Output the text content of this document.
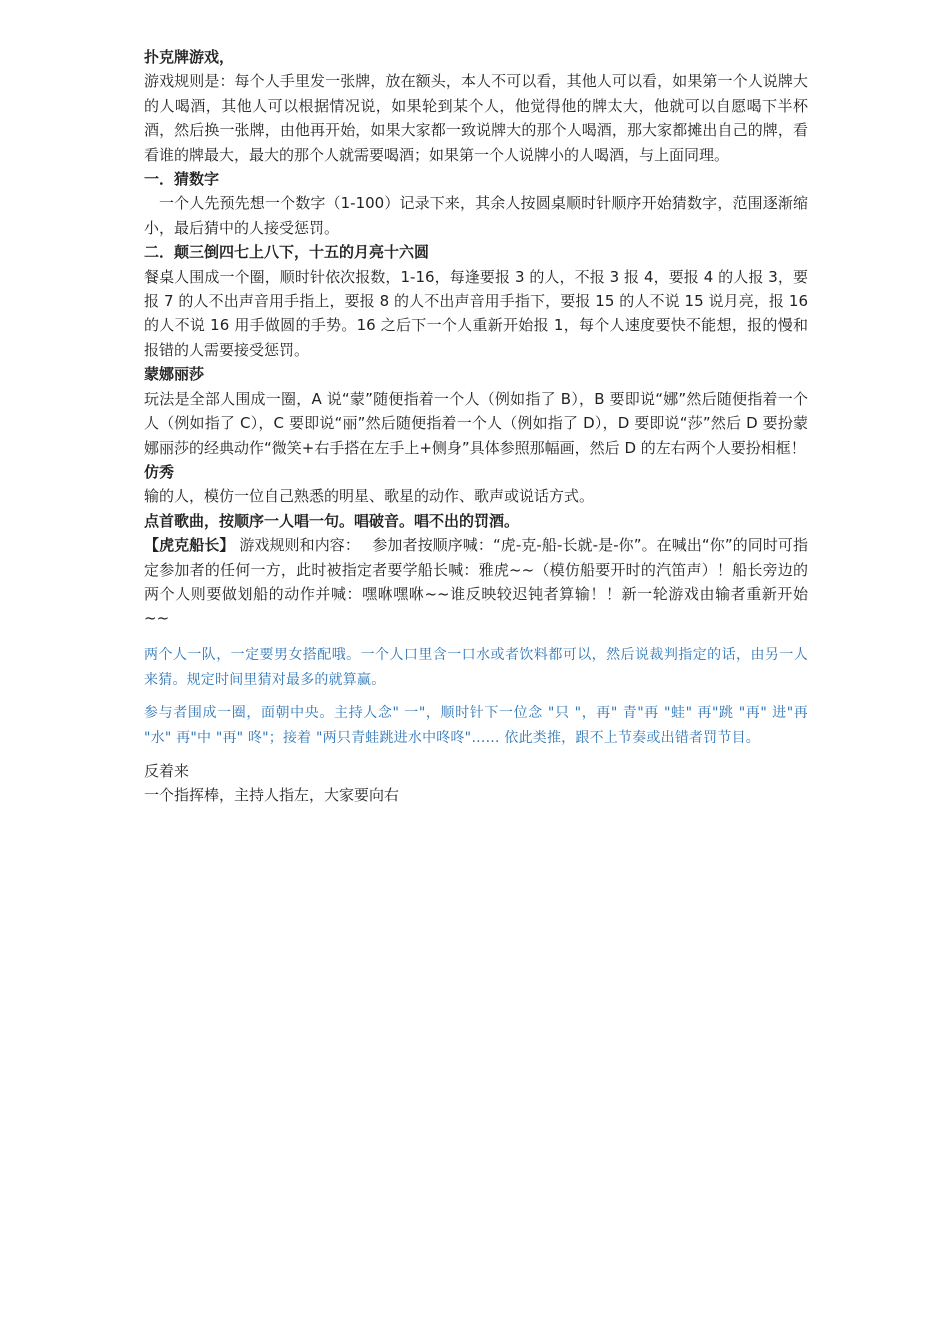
扑克牌游戏，

游戏规则是：每个人手里发一张牌，放在额头，本人不可以看，其他人可以看，如果第一个人说牌大的人喝酒，其他人可以根据情况说，如果轮到某个人，他觉得他的牌太大，他就可以自愿喝下半杯酒，然后换一张牌，由他再开始，如果大家都一致说牌大的那个人喝酒，那大家都摊出自己的牌，看看谁的牌最大，最大的那个人就需要喝酒；如果第一个人说牌小的人喝酒，与上面同理。

一．猜数字

一个人先预先想一个数字（1-100）记录下来，其余人按圆桌顺时针顺序开始猜数字，范围逐渐缩小，最后猜中的人接受惩罚。

二．颠三倒四七上八下，十五的月亮十六圆

餐桌人围成一个圈，顺时针依次报数，1-16，每逢要报 3 的人，不报 3 报 4，要报 4 的人报 3，要报 7 的人不出声音用手指上，要报 8 的人不出声音用手指下，要报 15 的人不说 15 说月亮，报 16 的人不说 16 用手做圆的手势。16 之后下一个人重新开始报 1，每个人速度要快不能想，报的慢和报错的人需要接受惩罚。

蒙娜丽莎

玩法是全部人围成一圈，A 说“蒙”随便指着一个人（例如指了 B），B 要即说“娜”然后随便指着一个人（例如指了 C），C 要即说“丽”然后随便指着一个人（例如指了 D），D 要即说“莎”然后 D 要扮蒙娜丽莎的经典动作“微笑+右手搭在左手上+侧身”具体参照那幅画，然后 D 的左右两个人要扮相框！

仿秀

输的人，模仿一位自己熟悉的明星、歌星的动作、歌声或说话方式。

点首歌曲，按顺序一人唱一句。唱破音。唱不出的罚酒。

【虎克船长】 游戏规则和内容：　 参加者按顺序喊：“虎-克-船-长就-是-你”。在喊出“你”的同时可指定参加者的任何一方，此时被指定者要学船长喊：雅虎~~（模仿船要开时的汽笛声）！船长旁边的两个人则要做划船的动作并喊：嘿咻嘿咻~~谁反映较迟钝者算输！！新一轮游戏由输者重新开始~~

两个人一队，一定要男女搭配哦。一个人口里含一口水或者饮料都可以，然后说裁判指定的话，由另一人来猜。规定时间里猜对最多的就算赢。

参与者围成一圈，面朝中央。主持人念" 一"，顺时针下一位念 "只 "，再" 青"再 "蛙" 再"跳 "再" 进"再 "水" 再"中 "再" 咚"；接着 "两只青蛙跳进水中咚咚"…… 依此类推，跟不上节奏或出错者罚节目。

反着来

一个指挥棒，主持人指左，大家要向右
